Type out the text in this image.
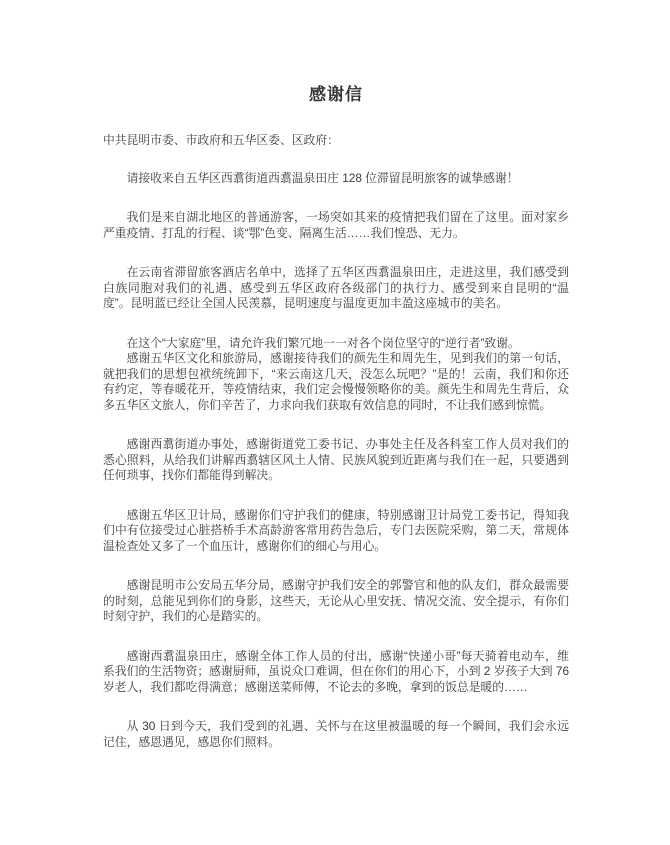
感谢信

中共昆明市委、市政府和五华区委、区政府：

请接收来自五华区西翥街道西翥温泉田庄 128 位滞留昆明旅客的诚挚感谢！

我们是来自湖北地区的普通游客，一场突如其来的疫情把我们留在了这里。面对家乡严重疫情、打乱的行程、谈“鄂”色变、隔离生活……我们惶恐、无力。

在云南省滞留旅客酒店名单中，选择了五华区西翥温泉田庄，走进这里，我们感受到白族同胞对我们的礼遇、感受到五华区政府各级部门的执行力、感受到来自昆明的“温度”。昆明蓝已经让全国人民羡慕，昆明速度与温度更加丰盈这座城市的美名。

在这个“大家庭”里，请允许我们繁冗地一一对各个岗位坚守的“逆行者”致谢。

感谢五华区文化和旅游局，感谢接待我们的颜先生和周先生，见到我们的第一句话，就把我们的思想包袱统统卸下，“来云南这几天，没怎么玩吧？”是的！云南，我们和你还有约定，等春暖花开，等疫情结束，我们定会慢慢领略你的美。颜先生和周先生背后，众多五华区文旅人，你们辛苦了，力求向我们获取有效信息的同时，不让我们感到惊慌。

感谢西翥街道办事处，感谢街道党工委书记、办事处主任及各科室工作人员对我们的悉心照料，从给我们讲解西翥辖区风土人情、民族风貌到近距离与我们在一起，只要遇到任何琐事，找你们都能得到解决。

感谢五华区卫计局，感谢你们守护我们的健康，特别感谢卫计局党工委书记，得知我们中有位接受过心脏搭桥手术高龄游客常用药告急后，专门去医院采购，第二天，常规体温检查处又多了一个血压计，感谢你们的细心与用心。

感谢昆明市公安局五华分局，感谢守护我们安全的郭警官和他的队友们，群众最需要的时刻，总能见到你们的身影，这些天，无论从心里安抚、情况交流、安全提示，有你们时刻守护，我们的心是踏实的。

感谢西翥温泉田庄，感谢全体工作人员的付出，感谢“快递小哥”每天骑着电动车，维系我们的生活物资；感谢厨师，虽说众口难调，但在你们的用心下，小到 2 岁孩子大到 76 岁老人，我们都吃得满意；感谢送菜师傅，不论去的多晚，拿到的饭总是暖的……

从 30 日到今天，我们受到的礼遇、关怀与在这里被温暖的每一个瞬间，我们会永远记住，感恩遇见，感恩你们照料。
